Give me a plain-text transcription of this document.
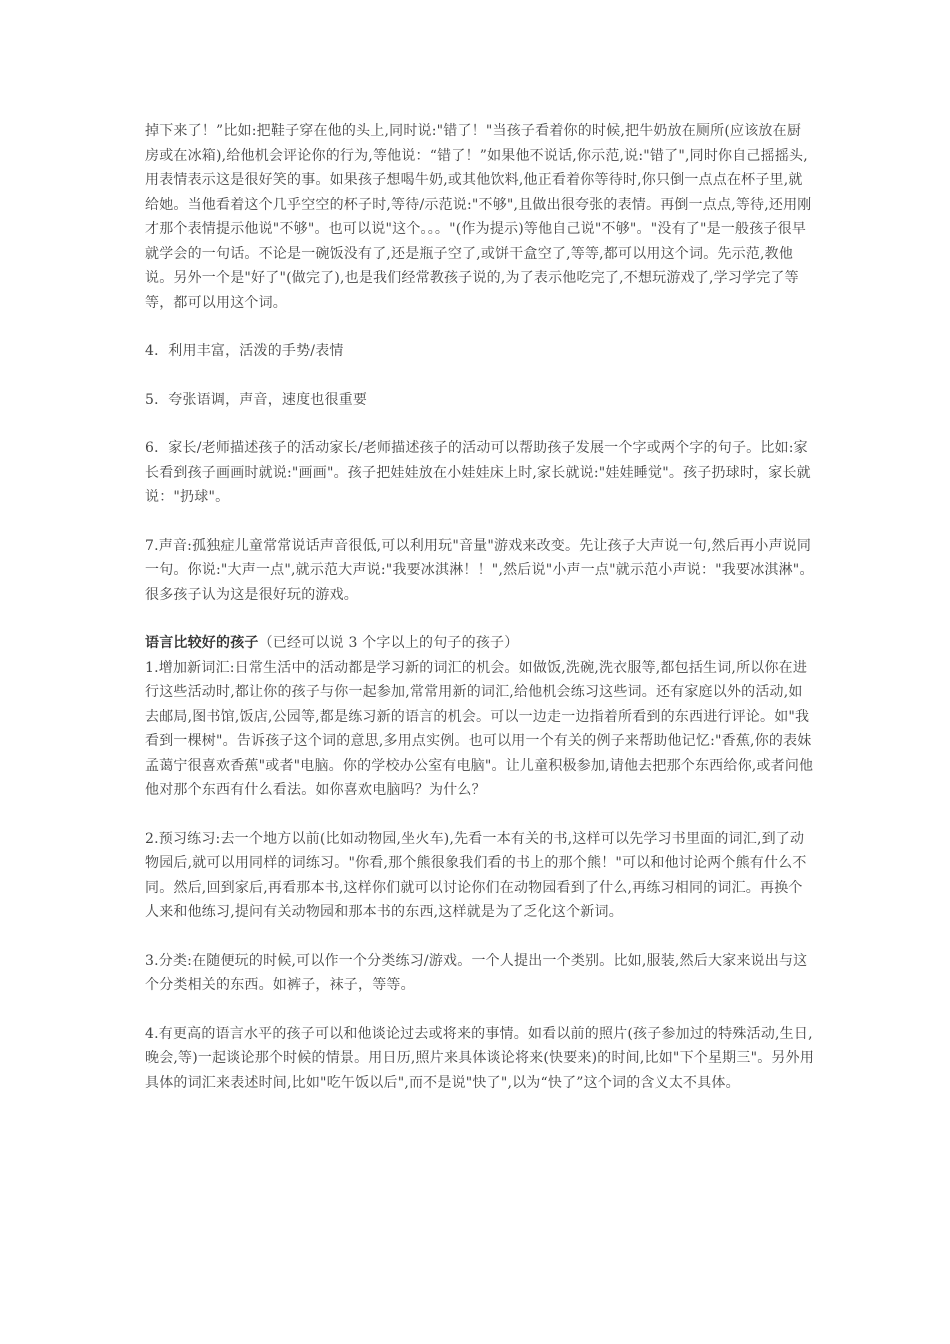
掉下来了！”比如:把鞋子穿在他的头上,同时说:"错了！"当孩子看着你的时候,把牛奶放在厕所(应该放在厨房或在冰箱),给他机会评论你的行为,等他说：“错了！”如果他不说话,你示范,说:"错了",同时你自己摇摇头,用表情表示这是很好笑的事。如果孩子想喝牛奶,或其他饮料,他正看着你等待时,你只倒一点点在杯子里,就给她。当他看着这个几乎空空的杯子时,等待/示范说:"不够",且做出很夸张的表情。再倒一点点,等待,还用刚才那个表情提示他说"不够"。也可以说"这个。。。"(作为提示)等他自己说"不够"。"没有了"是一般孩子很早就学会的一句话。不论是一碗饭没有了,还是瓶子空了,或饼干盒空了,等等,都可以用这个词。先示范,教他说。另外一个是"好了"(做完了),也是我们经常教孩子说的,为了表示他吃完了,不想玩游戏了,学习学完了等等，都可以用这个词。

4．利用丰富，活泼的手势/表情

5．夸张语调，声音，速度也很重要

6．家长/老师描述孩子的活动家长/老师描述孩子的活动可以帮助孩子发展一个字或两个字的句子。比如:家长看到孩子画画时就说:"画画"。孩子把娃娃放在小娃娃床上时,家长就说:"娃娃睡觉"。孩子扔球时，家长就说："扔球"。

7.声音:孤独症儿童常常说话声音很低,可以利用玩"音量"游戏来改变。先让孩子大声说一句,然后再小声说同一句。你说:"大声一点",就示范大声说:"我要冰淇淋！！",然后说"小声一点"就示范小声说："我要冰淇淋"。很多孩子认为这是很好玩的游戏。

语言比较好的孩子（已经可以说 3 个字以上的句子的孩子）

1.增加新词汇:日常生活中的活动都是学习新的词汇的机会。如做饭,洗碗,洗衣服等,都包括生词,所以你在进行这些活动时,都让你的孩子与你一起参加,常常用新的词汇,给他机会练习这些词。还有家庭以外的活动,如去邮局,图书馆,饭店,公园等,都是练习新的语言的机会。可以一边走一边指着所看到的东西进行评论。如"我看到一棵树"。告诉孩子这个词的意思,多用点实例。也可以用一个有关的例子来帮助他记忆:"香蕉,你的表妹孟蔼宁很喜欢香蕉"或者"电脑。你的学校办公室有电脑"。让儿童积极参加,请他去把那个东西给你,或者问他他对那个东西有什么看法。如你喜欢电脑吗？为什么？

2.预习练习:去一个地方以前(比如动物园,坐火车),先看一本有关的书,这样可以先学习书里面的词汇,到了动物园后,就可以用同样的词练习。"你看,那个熊很象我们看的书上的那个熊！"可以和他讨论两个熊有什么不同。然后,回到家后,再看那本书,这样你们就可以讨论你们在动物园看到了什么,再练习相同的词汇。再换个人来和他练习,提问有关动物园和那本书的东西,这样就是为了乏化这个新词。

3.分类:在随便玩的时候,可以作一个分类练习/游戏。一个人提出一个类别。比如,服装,然后大家来说出与这个分类相关的东西。如裤子，袜子，等等。

4.有更高的语言水平的孩子可以和他谈论过去或将来的事情。如看以前的照片(孩子参加过的特殊活动,生日,晚会,等)一起谈论那个时候的情景。用日历,照片来具体谈论将来(快要来)的时间,比如"下个星期三"。另外用具体的词汇来表述时间,比如"吃午饭以后",而不是说"快了",以为“快了”这个词的含义太不具体。
